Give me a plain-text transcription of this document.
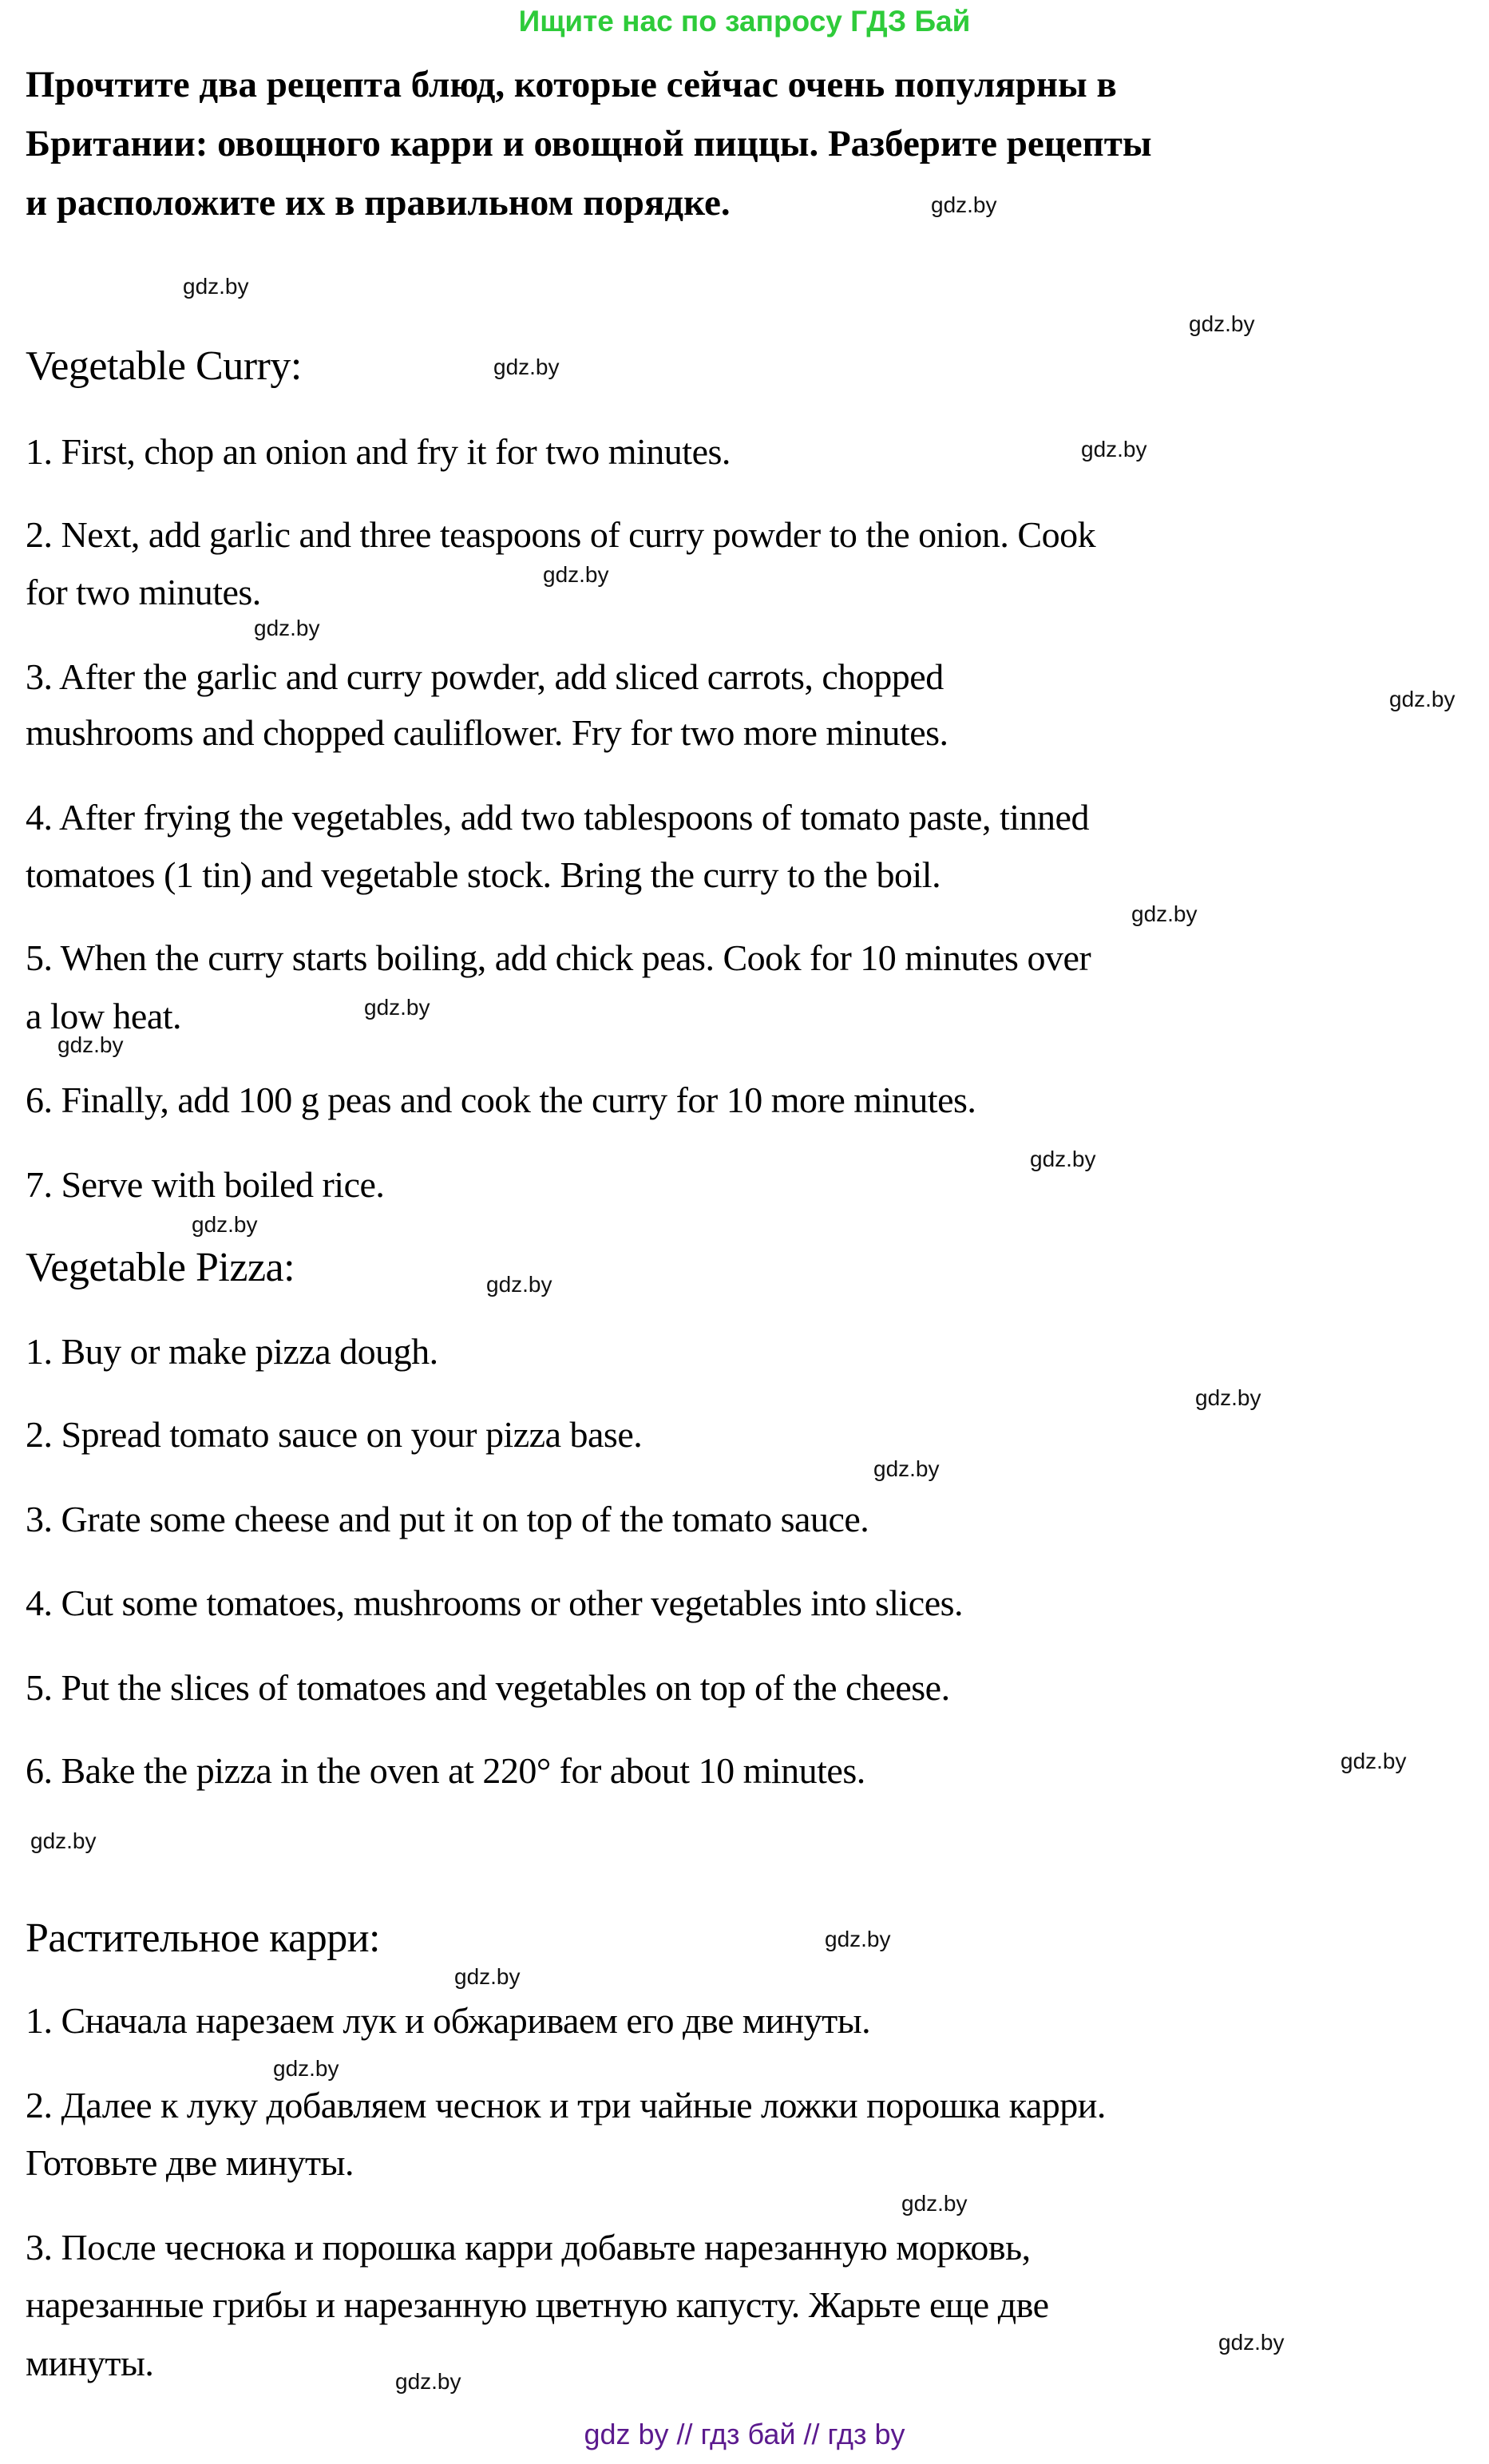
Ищите нас по запросу ГДЗ Бай
Прочтите два рецепта блюд, которые сейчас очень популярны в
Британии: овощного карри и овощной пиццы. Разберите рецепты
и расположите их в правильном порядке.
Vegetable Curry:
1. First, chop an onion and fry it for two minutes.
2. Next, add garlic and three teaspoons of curry powder to the onion. Cook
for two minutes.
3. After the garlic and curry powder, add sliced carrots, chopped
mushrooms and chopped cauliflower. Fry for two more minutes.
4. After frying the vegetables, add two tablespoons of tomato paste, tinned
tomatoes (1 tin) and vegetable stock. Bring the curry to the boil.
5. When the curry starts boiling, add chick peas. Cook for 10 minutes over
a low heat.
6. Finally, add 100 g peas and cook the curry for 10 more minutes.
7. Serve with boiled rice.
Vegetable Pizza:
1. Buy or make pizza dough.
2. Spread tomato sauce on your pizza base.
3. Grate some cheese and put it on top of the tomato sauce.
4. Cut some tomatoes, mushrooms or other vegetables into slices.
5. Put the slices of tomatoes and vegetables on top of the cheese.
6. Bake the pizza in the oven at 220° for about 10 minutes.
Растительное карри:
1. Сначала нарезаем лук и обжариваем его две минуты.
2. Далее к луку добавляем чеснок и три чайные ложки порошка карри.
Готовьте две минуты.
3. После чеснока и порошка карри добавьте нарезанную морковь,
нарезанные грибы и нарезанную цветную капусту. Жарьте еще две
минуты.
gdz.by
gdz.by
gdz.by
gdz.by
gdz.by
gdz.by
gdz.by
gdz.by
gdz.by
gdz.by
gdz.by
gdz.by
gdz.by
gdz.by
gdz.by
gdz.by
gdz.by
gdz.by
gdz.by
gdz.by
gdz.by
gdz.by
gdz.by
gdz.by
gdz by // гдз бай // гдз by
